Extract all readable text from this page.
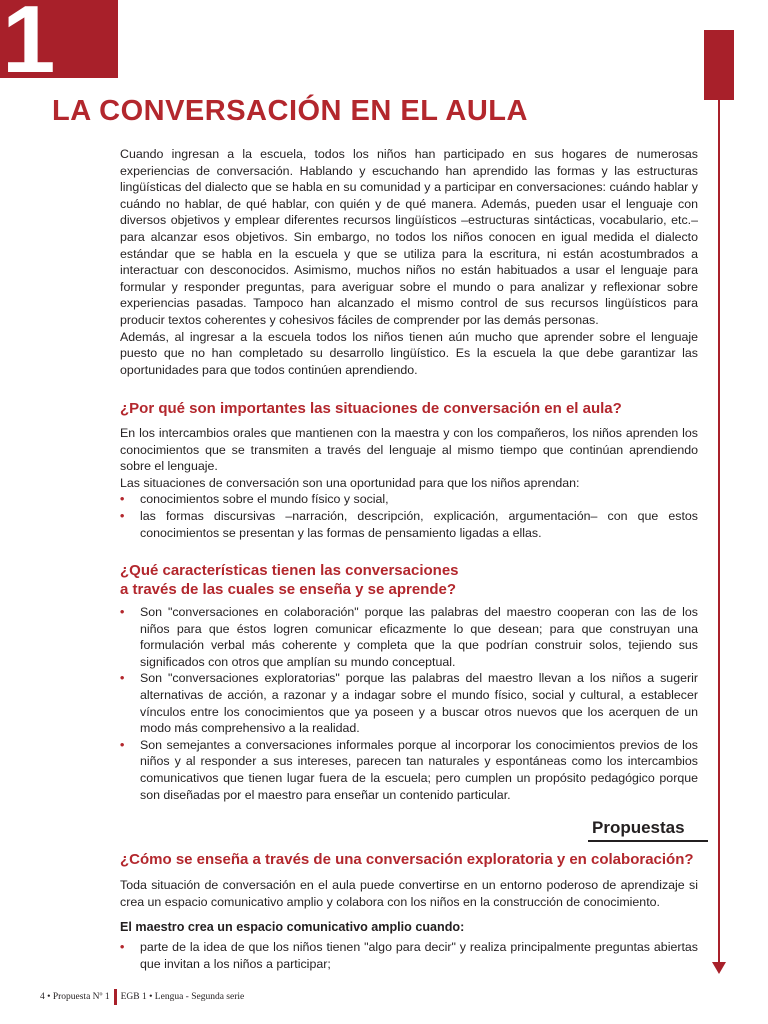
1
LA CONVERSACIÓN EN EL AULA

Cuando ingresan a la escuela, todos los niños han participado en sus hogares de numerosas experiencias de conversación. Hablando y escuchando han aprendido las formas y las estructuras lingüísticas del dialecto que se habla en su comunidad y a participar en conversaciones: cuándo hablar y cuándo no hablar, de qué hablar, con quién y de qué manera. Además, pueden usar el lenguaje con diversos objetivos y emplear diferentes recursos lingüísticos –estructuras sintácticas, vocabulario, etc.– para alcanzar esos objetivos. Sin embargo, no todos los niños conocen en igual medida el dialecto estándar que se habla en la escuela y que se utiliza para la escritura, ni están acostumbrados a interactuar con desconocidos. Asimismo, muchos niños no están habituados a usar el lenguaje para formular y responder preguntas, para averiguar sobre el mundo o para analizar y reflexionar sobre experiencias pasadas. Tampoco han alcanzado el mismo control de sus recursos lingüísticos para producir textos coherentes y cohesivos fáciles de comprender por las demás personas.

Además, al ingresar a la escuela todos los niños tienen aún mucho que aprender sobre el lenguaje puesto que no han completado su desarrollo lingüístico. Es la escuela la que debe garantizar las oportunidades para que todos continúen aprendiendo.

¿Por qué son importantes las situaciones de conversación en el aula?

En los intercambios orales que mantienen con la maestra y con los compañeros, los niños aprenden los conocimientos que se transmiten a través del lenguaje al mismo tiempo que continúan aprendiendo sobre el lenguaje.

Las situaciones de conversación son una oportunidad para que los niños aprendan:

• conocimientos sobre el mundo físico y social,
• las formas discursivas –narración, descripción, explicación, argumentación– con que estos conocimientos se presentan y las formas de pensamiento ligadas a ellas.
¿Qué características tienen las conversaciones
a través de las cuales se enseña y se aprende?
• Son "conversaciones en colaboración" porque las palabras del maestro cooperan con las de los niños para que éstos logren comunicar eficazmente lo que desean; para que construyan una formulación verbal más coherente y completa que la que podrían construir solos, tejiendo sus significados con otros que amplían su mundo conceptual.
• Son "conversaciones exploratorias" porque las palabras del maestro llevan a los niños a sugerir alternativas de acción, a razonar y a indagar sobre el mundo físico, social y cultural, a establecer vínculos entre los conocimientos que ya poseen y a buscar otros nuevos que los acerquen de un modo más comprehensivo a la realidad.
• Son semejantes a conversaciones informales porque al incorporar los conocimientos previos de los niños y al responder a sus intereses, parecen tan naturales y espontáneas como los intercambios comunicativos que tienen lugar fuera de la escuela; pero cumplen un propósito pedagógico porque son diseñadas por el maestro para enseñar un contenido particular.
Propuestas
¿Cómo se enseña a través de una conversación exploratoria y en colaboración?

Toda situación de conversación en el aula puede convertirse en un entorno poderoso de aprendizaje si crea un espacio comunicativo amplio y colabora con los niños en la construcción de conocimiento.

El maestro crea un espacio comunicativo amplio cuando:

• parte de la idea de que los niños tienen "algo para decir" y realiza principalmente preguntas abiertas que invitan a los niños a participar;
4 • Propuesta Nº 1 EGB 1 • Lengua - Segunda serie
